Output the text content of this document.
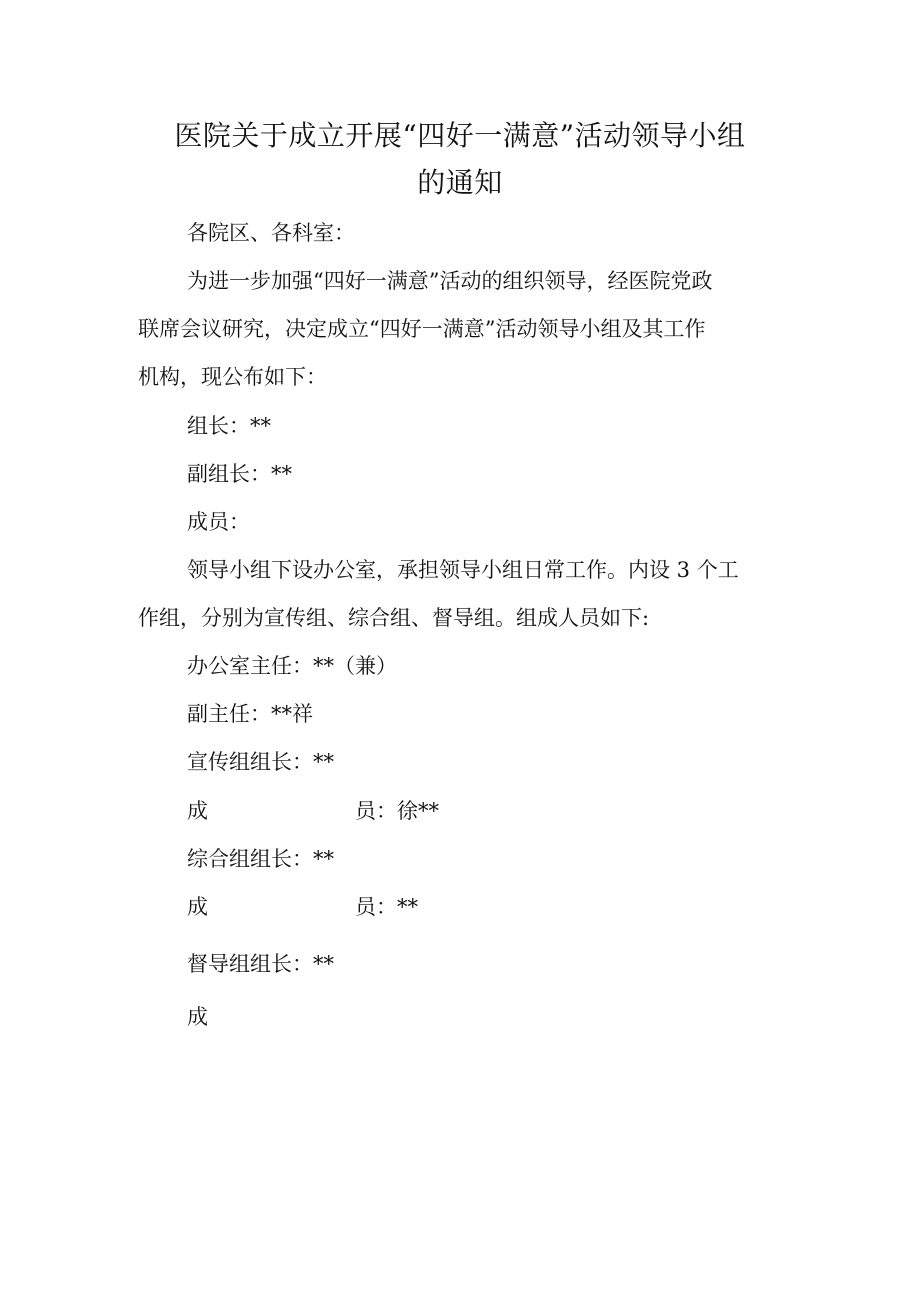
医院关于成立开展“四好一满意”活动领导小组
的通知

各院区、各科室：

为进一步加强“四好一满意”活动的组织领导，经医院党政

联席会议研究，决定成立“四好一满意”活动领导小组及其工作

机构，现公布如下：

组长：**

副组长：**

成员：

领导小组下设办公室，承担领导小组日常工作。内设 3 个工

作组，分别为宣传组、综合组、督导组。组成人员如下:

办公室主任：**（兼）

副主任：**祥

宣传组组长：**

成	员：徐**

综合组组长：**

成	员：**

督导组组长：**

成
